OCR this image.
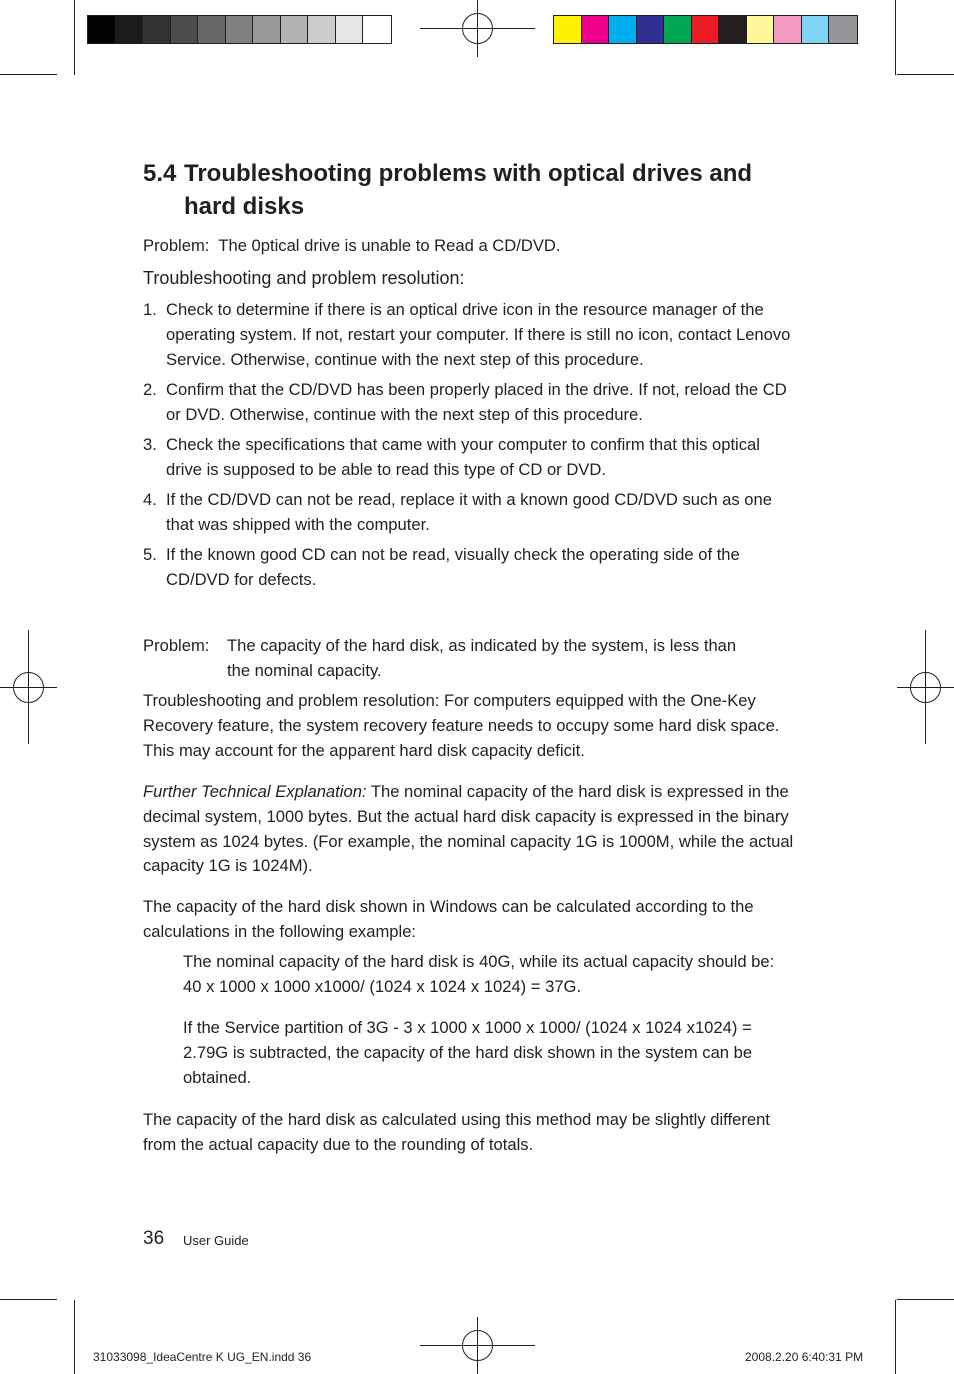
5.4 Troubleshooting problems with optical drives and
hard disks
Problem: The 0ptical drive is unable to Read a CD/DVD.
Troubleshooting and problem resolution:
1. Check to determine if there is an optical drive icon in the resource manager of the operating system. If not, restart your computer. If there is still no icon, contact Lenovo Service. Otherwise, continue with the next step of this procedure.
2. Confirm that the CD/DVD has been properly placed in the drive. If not, reload the CD or DVD. Otherwise, continue with the next step of this procedure.
3. Check the specifications that came with your computer to confirm that this optical drive is supposed to be able to read this type of CD or DVD.
4. If the CD/DVD can not be read, replace it with a known good CD/DVD such as one that was shipped with the computer.
5. If the known good CD can not be read, visually check the operating side of the CD/DVD for defects.
Problem: The capacity of the hard disk, as indicated by the system, is less than
the nominal capacity.
Troubleshooting and problem resolution: For computers equipped with the One-Key Recovery feature, the system recovery feature needs to occupy some hard disk space. This may account for the apparent hard disk capacity deficit.
Further Technical Explanation: The nominal capacity of the hard disk is expressed in the decimal system, 1000 bytes. But the actual hard disk capacity is expressed in the binary system as 1024 bytes. (For example, the nominal capacity 1G is 1000M, while the actual capacity 1G is 1024M).
The capacity of the hard disk shown in Windows can be calculated according to the calculations in the following example:
The nominal capacity of the hard disk is 40G, while its actual capacity should be: 40 x 1000 x 1000 x1000/ (1024 x 1024 x 1024) = 37G.
If the Service partition of 3G - 3 x 1000 x 1000 x 1000/ (1024 x 1024 x1024) = 2.79G is subtracted, the capacity of the hard disk shown in the system can be obtained.
The capacity of the hard disk as calculated using this method may be slightly different from the actual capacity due to the rounding of totals.
36 User Guide
31033098_IdeaCentre K UG_EN.indd 36	2008.2.20 6:40:31 PM
